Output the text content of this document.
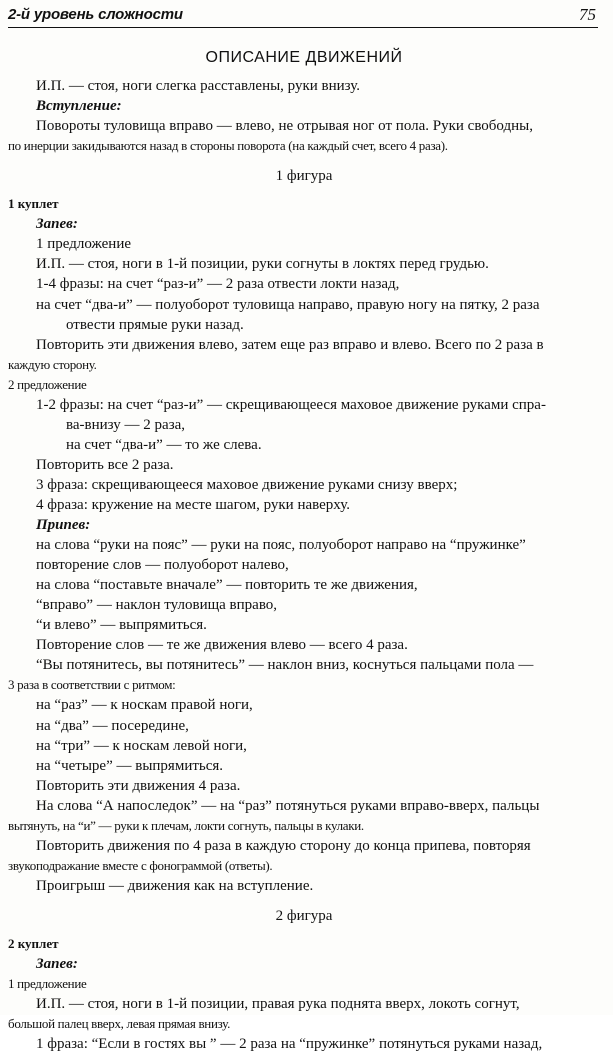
2-й уровень сложности	75
ОПИСАНИЕ ДВИЖЕНИЙ
И.П. — стоя, ноги слегка расставлены, руки внизу.
Вступление:
Повороты туловища вправо — влево, не отрывая ног от пола. Руки свободны,
по инерции закидываются назад в стороны поворота (на каждый счет, всего 4 раза).
1 фигура
1 куплет
Запев:
1 предложение
И.П. — стоя, ноги в 1-й позиции, руки согнуты в локтях перед грудью.
1-4 фразы: на счет “раз-и” — 2 раза отвести локти назад,
на счет “два-и” — полуоборот туловища направо, правую ногу на пятку, 2 раза
отвести прямые руки назад.
Повторить эти движения влево, затем еще раз вправо и влево. Всего по 2 раза в
каждую сторону.
2 предложение
1-2 фразы: на счет “раз-и” — скрещивающееся маховое движение руками спра-
ва-внизу — 2 раза,
на счет “два-и” — то же слева.
Повторить все 2 раза.
3 фраза: скрещивающееся маховое движение руками снизу вверх;
4 фраза: кружение на месте шагом, руки наверху.
Припев:
на слова “руки на пояс” — руки на пояс, полуоборот направо на “пружинке”
повторение слов — полуоборот налево,
на слова “поставьте вначале” — повторить те же движения,
“вправо” — наклон туловища вправо,
“и влево” — выпрямиться.
Повторение слов — те же движения влево — всего 4 раза.
“Вы потянитесь, вы потянитесь” — наклон вниз, коснуться пальцами пола —
3 раза в соответствии с ритмом:
на “раз” — к носкам правой ноги,
на “два” — посередине,
на “три” — к носкам левой ноги,
на “четыре” — выпрямиться.
Повторить эти движения 4 раза.
На слова “А напоследок” — на “раз” потянуться руками вправо-вверх, пальцы
вытянуть, на “и” — руки к плечам, локти согнуть, пальцы в кулаки.
Повторить движения по 4 раза в каждую сторону до конца припева, повторяя
звукоподражание вместе с фонограммой (ответы).
Проигрыш — движения как на вступление.
2 фигура
2 куплет
Запев:
1 предложение
И.П. — стоя, ноги в 1-й позиции, правая рука поднята вверх, локоть согнут,
большой палец вверх, левая прямая внизу.
1 фраза: “Если в гостях вы ” — 2 раза на “пружинке” потянуться руками назад,
